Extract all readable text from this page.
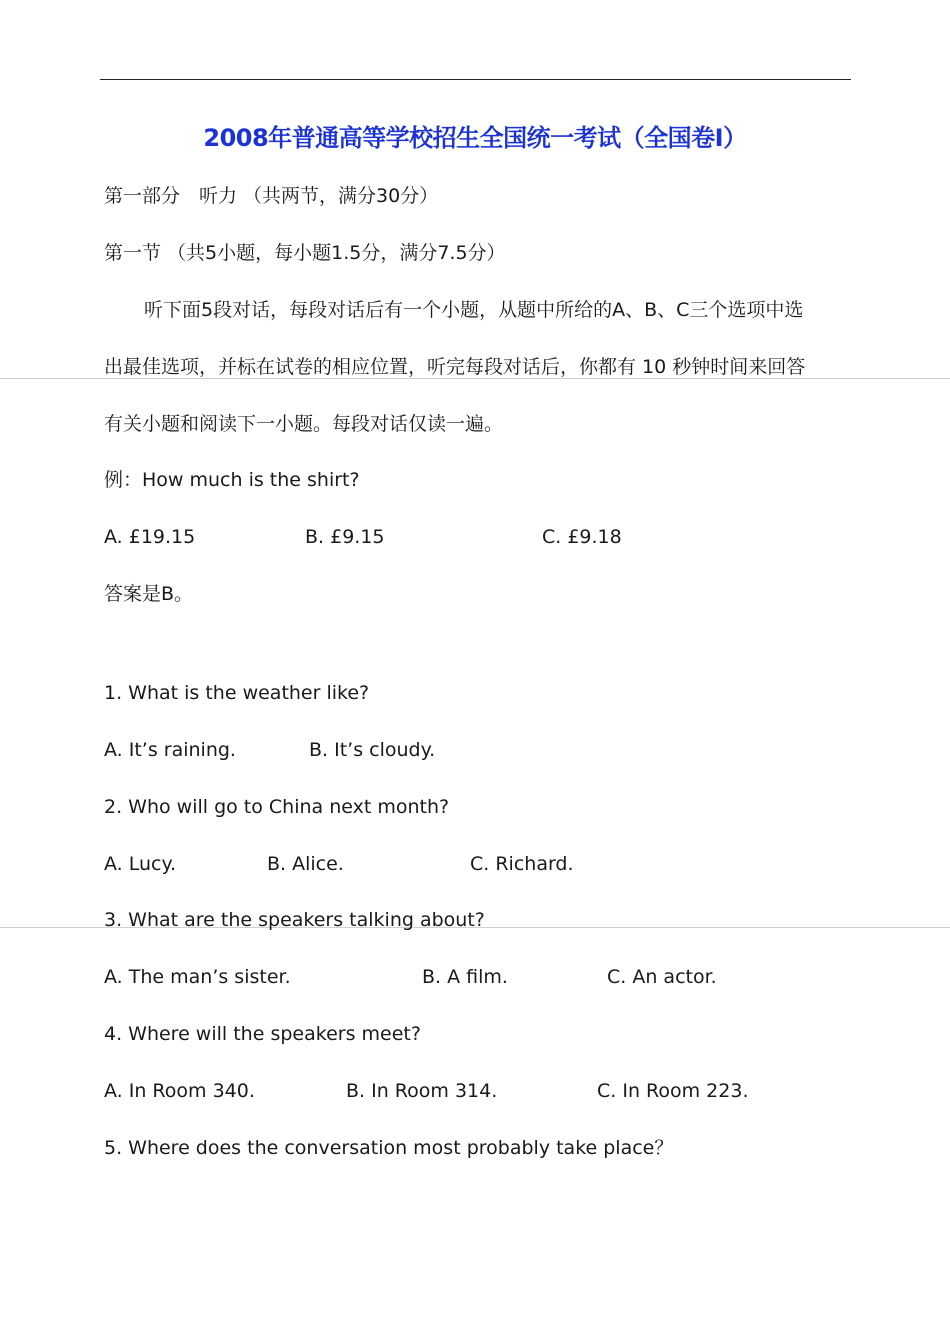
2008年普通高等学校招生全国统一考试（全国卷Ⅰ）
第一部分　听力 （共两节，满分30分）
第一节 （共5小题，每小题1.5分，满分7.5分）
听下面5段对话，每段对话后有一个小题，从题中所给的A、B、C三个选项中选
出最佳选项，并标在试卷的相应位置，听完每段对话后，你都有 10 秒钟时间来回答
有关小题和阅读下一小题。每段对话仅读一遍。
例：How much is the shirt?
A. £19.15	B. £9.15	C. £9.18
答案是B。
1. What is the weather like?
A. It’s raining.	B. It’s cloudy.
2. Who will go to China next month?
A. Lucy.	B. Alice.	C. Richard.
3. What are the speakers talking about?
A. The man’s sister.	B. A film.	C. An actor.
4. Where will the speakers meet?
A. In Room 340.	B. In Room 314.	C. In Room 223.
5. Where does the conversation most probably take place？
